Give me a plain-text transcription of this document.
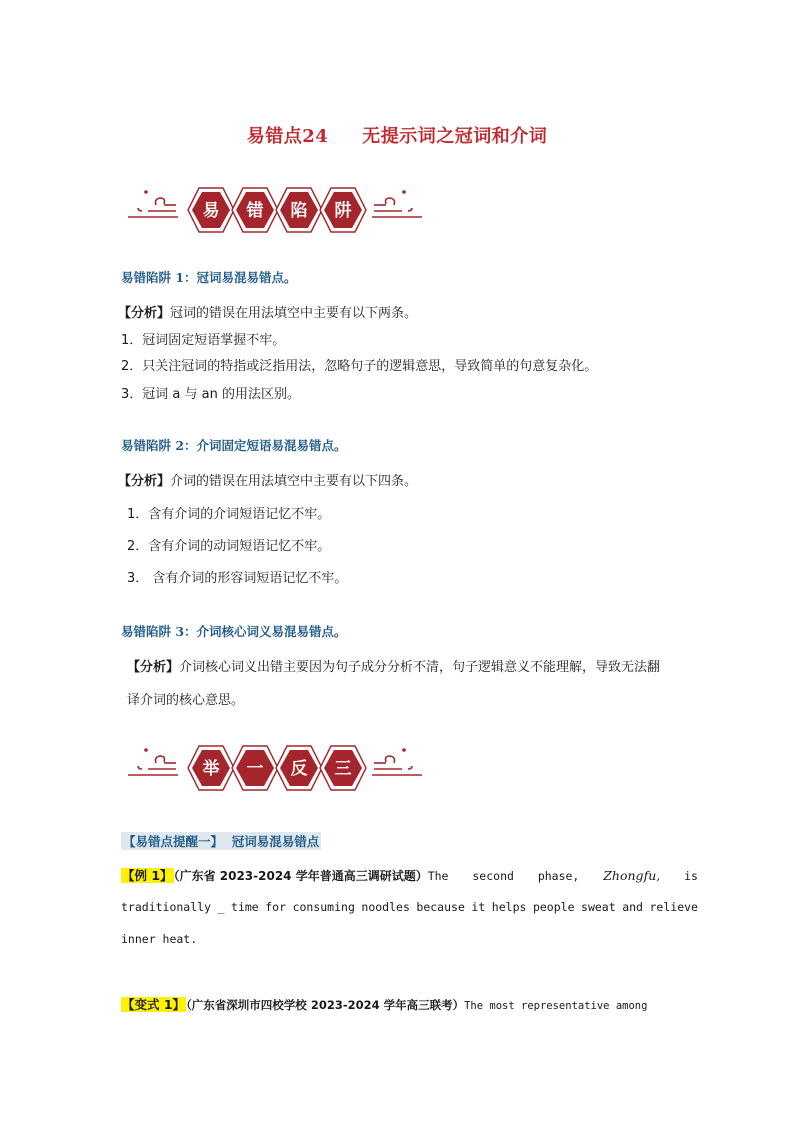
易错点24 无提示词之冠词和介词
易 错 陷 阱
易错陷阱 1：冠词易混易错点。
【分析】冠词的错误在用法填空中主要有以下两条。
1．冠词固定短语掌握不牢。
2．只关注冠词的特指或泛指用法，忽略句子的逻辑意思，导致简单的句意复杂化。
3．冠词 a 与 an 的用法区别。
易错陷阱 2：介词固定短语易混易错点。
【分析】介词的错误在用法填空中主要有以下四条。
1．含有介词的介词短语记忆不牢。
2．含有介词的动词短语记忆不牢。
3． 含有介词的形容词短语记忆不牢。
易错陷阱 3：介词核心词义易混易错点。
【分析】介词核心词义出错主要因为句子成分分析不清，句子逻辑意义不能理解，导致无法翻
译介词的核心意思。
举 一 反 三
【易错点提醒一】 冠词易混易错点
【例 1】（广东省 2023-2024 学年普通高三调研试题）The second phase, Zhongfu, is
traditionally _ time for consuming noodles because it helps people sweat and relieve
inner heat.
【变式 1】（广东省深圳市四校学校 2023-2024 学年高三联考）The most representative among
